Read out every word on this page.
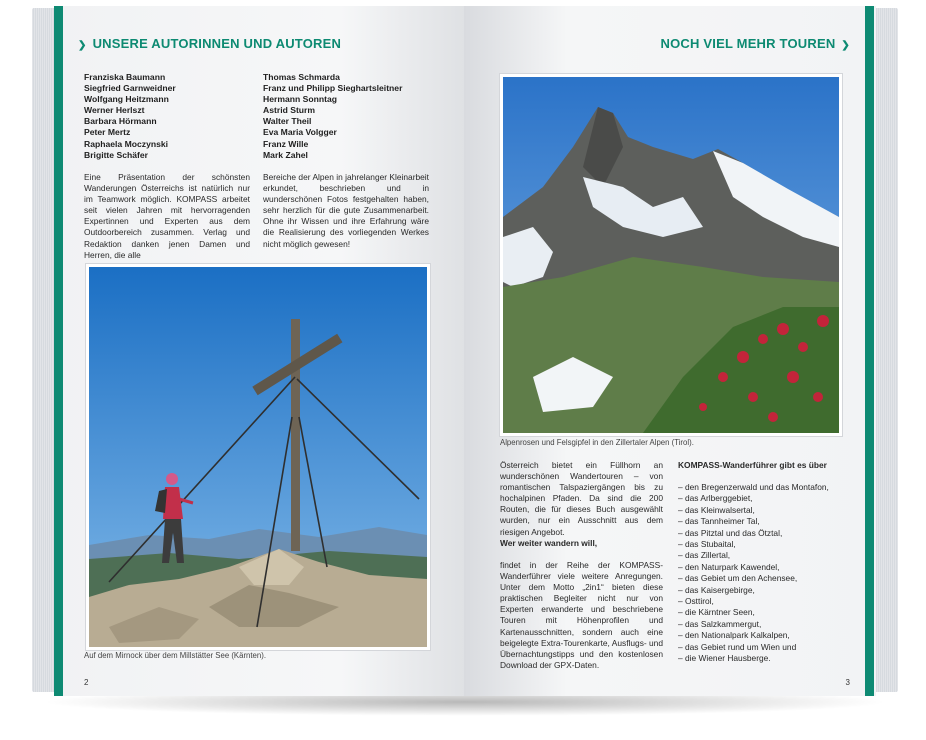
❯ UNSERE AUTORINNEN UND AUTOREN
Franziska Baumann
Siegfried Garnweidner
Wolfgang Heitzmann
Werner Herlszt
Barbara Hörmann
Peter Mertz
Raphaela Moczynski
Brigitte Schäfer
Thomas Schmarda
Franz und Philipp Sieghartsleitner
Hermann Sonntag
Astrid Sturm
Walter Theil
Eva Maria Volgger
Franz Wille
Mark Zahel
Eine Präsentation der schönsten Wanderungen Österreichs ist natürlich nur im Teamwork möglich. KOMPASS arbeitet seit vielen Jahren mit hervorragenden Expertinnen und Experten aus dem Outdoorbereich zusammen. Verlag und Redaktion danken jenen Damen und Herren, die alle
Bereiche der Alpen in jahrelanger Kleinarbeit erkundet, beschrieben und in wunderschönen Fotos festgehalten haben, sehr herzlich für die gute Zusammenarbeit. Ohne ihr Wissen und ihre Erfahrung wäre die Realisierung des vorliegenden Werkes nicht möglich gewesen!
Auf dem Mirnock über dem Millstätter See (Kärnten).
2
NOCH VIEL MEHR TOUREN ❯
Alpenrosen und Felsgipfel in den Zillertaler Alpen (Tirol).
Österreich bietet ein Füllhorn an wunderschönen Wandertouren – von romantischen Talspaziergängen bis zu hochalpinen Pfaden. Da sind die 200 Routen, die für dieses Buch ausgewählt wurden, nur ein Ausschnitt aus dem riesigen Angebot.
Wer weiter wandern will,
findet in der Reihe der KOMPASS-Wanderführer viele weitere Anregungen. Unter dem Motto „2in1“ bieten diese praktischen Begleiter nicht nur von Experten erwanderte und beschriebene Touren mit Höhenprofilen und Kartenausschnitten, sondern auch eine beigelegte Extra-Tourenkarte, Ausflugs- und Übernachtungstipps und den kostenlosen Download der GPX-Daten.
KOMPASS-Wanderführer gibt es über
– den Bregenzerwald und das Montafon,
– das Arlberggebiet,
– das Kleinwalsertal,
– das Tannheimer Tal,
– das Pitztal und das Ötztal,
– das Stubaital,
– das Zillertal,
– den Naturpark Kawendel,
– das Gebiet um den Achensee,
– das Kaisergebirge,
– Osttirol,
– die Kärntner Seen,
– das Salzkammergut,
– den Nationalpark Kalkalpen,
– das Gebiet rund um Wien und
– die Wiener Hausberge.
3
